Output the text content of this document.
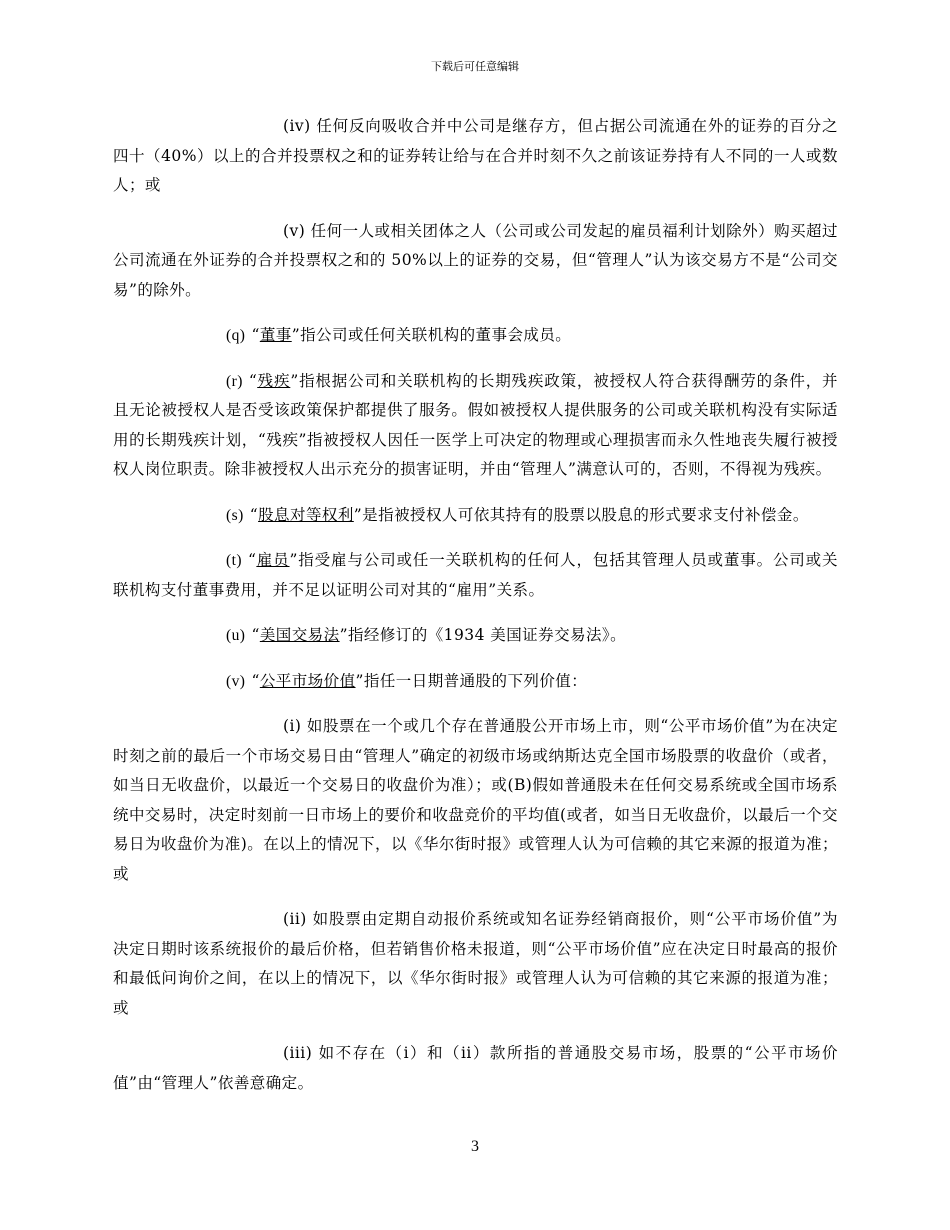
下载后可任意编辑

(iv) 任何反向吸收合并中公司是继存方，但占据公司流通在外的证券的百分之四十（40%）以上的合并投票权之和的证券转让给与在合并时刻不久之前该证券持有人不同的一人或数人；或

(v) 任何一人或相关团体之人（公司或公司发起的雇员福利计划除外）购买超过公司流通在外证券的合并投票权之和的 50%以上的证券的交易，但“管理人”认为该交易方不是“公司交易”的除外。

(q) “董事”指公司或任何关联机构的董事会成员。

(r) “残疾”指根据公司和关联机构的长期残疾政策，被授权人符合获得酬劳的条件，并且无论被授权人是否受该政策保护都提供了服务。假如被授权人提供服务的公司或关联机构没有实际适用的长期残疾计划，“残疾”指被授权人因任一医学上可决定的物理或心理损害而永久性地丧失履行被授权人岗位职责。除非被授权人出示充分的损害证明，并由“管理人”满意认可的，否则，不得视为残疾。

(s) “股息对等权利”是指被授权人可依其持有的股票以股息的形式要求支付补偿金。

(t) “雇员”指受雇与公司或任一关联机构的任何人，包括其管理人员或董事。公司或关联机构支付董事费用，并不足以证明公司对其的“雇用”关系。

(u) “美国交易法”指经修订的《1934 美国证券交易法》。

(v) “公平市场价值”指任一日期普通股的下列价值：

(i) 如股票在一个或几个存在普通股公开市场上市，则“公平市场价值”为在决定时刻之前的最后一个市场交易日由“管理人”确定的初级市场或纳斯达克全国市场股票的收盘价（或者，如当日无收盘价，以最近一个交易日的收盘价为准）；或(B)假如普通股未在任何交易系统或全国市场系统中交易时，决定时刻前一日市场上的要价和收盘竞价的平均值(或者，如当日无收盘价，以最后一个交易日为收盘价为准)。在以上的情况下，以《华尔街时报》或管理人认为可信赖的其它来源的报道为准；或

(ii) 如股票由定期自动报价系统或知名证券经销商报价，则“公平市场价值”为决定日期时该系统报价的最后价格，但若销售价格未报道，则“公平市场价值”应在决定日时最高的报价和最低问询价之间，在以上的情况下，以《华尔街时报》或管理人认为可信赖的其它来源的报道为准；或

(iii) 如不存在（i）和（ii）款所指的普通股交易市场，股票的“公平市场价值”由“管理人”依善意确定。

3
